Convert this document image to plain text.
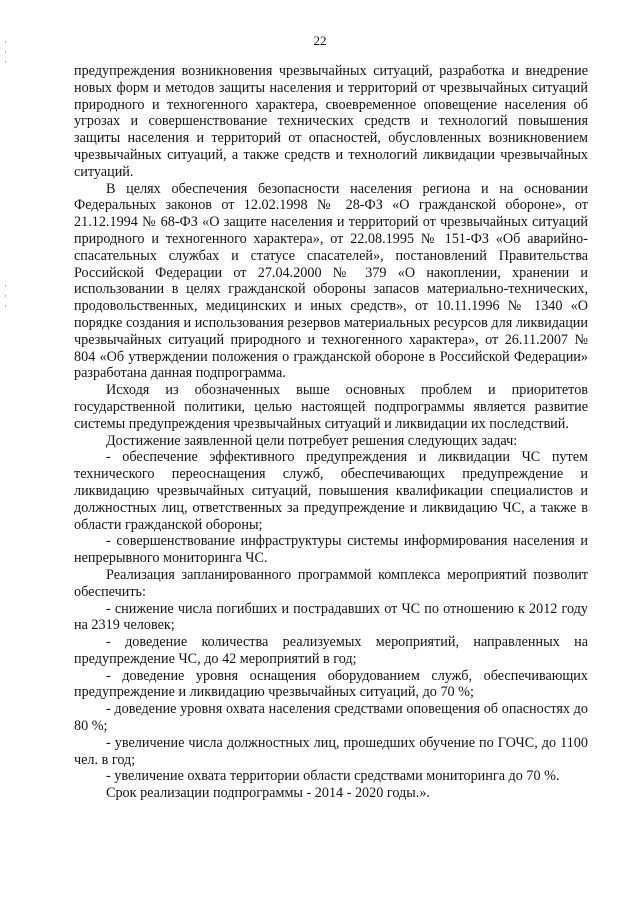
·
·
·
·
·
·
22

предупреждения возникновения чрезвычайных ситуаций, разработка и внедрение новых форм и методов защиты населения и территорий от чрезвычайных ситуаций природного и техногенного характера, своевременное оповещение населения об угрозах и совершенствование технических средств и технологий повышения защиты населения и территорий от опасностей, обусловленных возникновением чрезвычайных ситуаций, а также средств и технологий ликвидации чрезвычайных ситуаций.

В целях обеспечения безопасности населения региона и на основании Федеральных законов от 12.02.1998 № 28-ФЗ «О гражданской обороне», от 21.12.1994 № 68-ФЗ «О защите населения и территорий от чрезвычайных ситуаций природного и техногенного характера», от 22.08.1995 № 151-ФЗ «Об аварийно-спасательных службах и статусе спасателей», постановлений Правительства Российской Федерации от 27.04.2000 № 379 «О накоплении, хранении и использовании в целях гражданской обороны запасов материально-технических, продовольственных, медицинских и иных средств», от 10.11.1996 № 1340 «О порядке создания и использования резервов материальных ресурсов для ликвидации чрезвычайных ситуаций природного и техногенного характера», от 26.11.2007 № 804 «Об утверждении положения о гражданской обороне в Российской Федерации» разработана данная подпрограмма.

Исходя из обозначенных выше основных проблем и приоритетов государственной политики, целью настоящей подпрограммы является развитие системы предупреждения чрезвычайных ситуаций и ликвидации их последствий.

Достижение заявленной цели потребует решения следующих задач:

- обеспечение эффективного предупреждения и ликвидации ЧС путем технического переоснащения служб, обеспечивающих предупреждение и ликвидацию чрезвычайных ситуаций, повышения квалификации специалистов и должностных лиц, ответственных за предупреждение и ликвидацию ЧС, а также в области гражданской обороны;

- совершенствование инфраструктуры системы информирования населения и непрерывного мониторинга ЧС.

Реализация запланированного программой комплекса мероприятий позволит обеспечить:

- снижение числа погибших и пострадавших от ЧС по отношению к 2012 году на 2319 человек;

- доведение количества реализуемых мероприятий, направленных на предупреждение ЧС, до 42 мероприятий в год;

- доведение уровня оснащения оборудованием служб, обеспечивающих предупреждение и ликвидацию чрезвычайных ситуаций, до 70 %;

- доведение уровня охвата населения средствами оповещения об опасностях до 80 %;

- увеличение числа должностных лиц, прошедших обучение по ГОЧС, до 1100 чел. в год;

- увеличение охвата территории области средствами мониторинга до 70 %.

Срок реализации подпрограммы - 2014 - 2020 годы.».
